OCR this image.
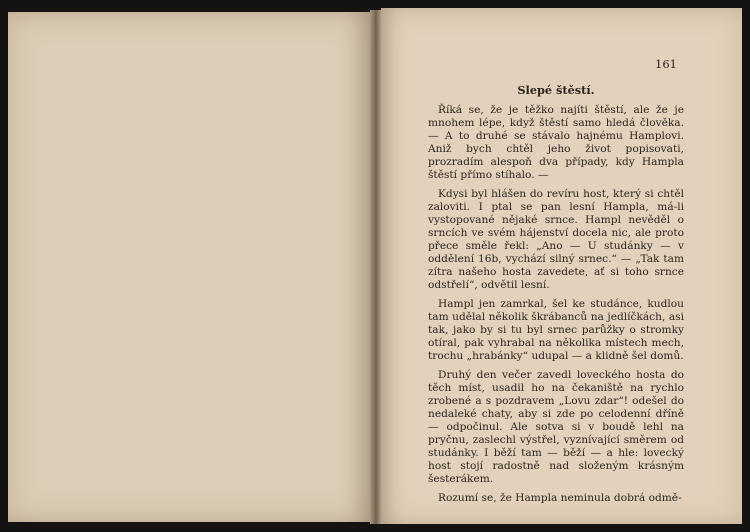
161
Slepé štěstí.

Říká se, že je těžko najíti štěstí, ale že je mnohem lépe, když štěstí samo hledá člověka. — A to druhé se stávalo hajnému Hamplovi. Aniž bych chtěl jeho život popisovati, prozradím alespoň dva případy, kdy Hampla štěstí přímo stíhalo. —

Kdysi byl hlášen do revíru host, který si chtěl zaloviti. I ptal se pan lesní Hampla, má-li vystopované nějaké srnce. Hampl nevěděl o srncích ve svém hájenství docela nic, ale proto přece směle řekl: „Ano — U studánky — v oddělení 16b, vychází silný srnec.“ — „Tak tam zítra našeho hosta zavedete, ať si toho srnce odstřelí“, odvětil lesní.

Hampl jen zamrkal, šel ke studánce, kudlou tam udělal několik škrábanců na jedlíčkách, asi tak, jako by si tu byl srnec parůžky o stromky otíral, pak vyhrabal na několika místech mech, trochu „hrabánky“ udupal — a klidně šel domů.

Druhý den večer zavedl loveckého hosta do těch míst, usadil ho na čekaniště na rychlo zrobené a s pozdravem „Lovu zdar“! odešel do nedaleké chaty, aby si zde po celodenní dříně — odpočinul. Ale sotva si v boudě lehl na pryčnu, zaslechl výstřel, vyznívající směrem od studánky. I běží tam — běží — a hle: lovecký host stojí radostně nad složeným krásným šesterákem.

Rozumí se, že Hampla neminula dobrá odmě-
